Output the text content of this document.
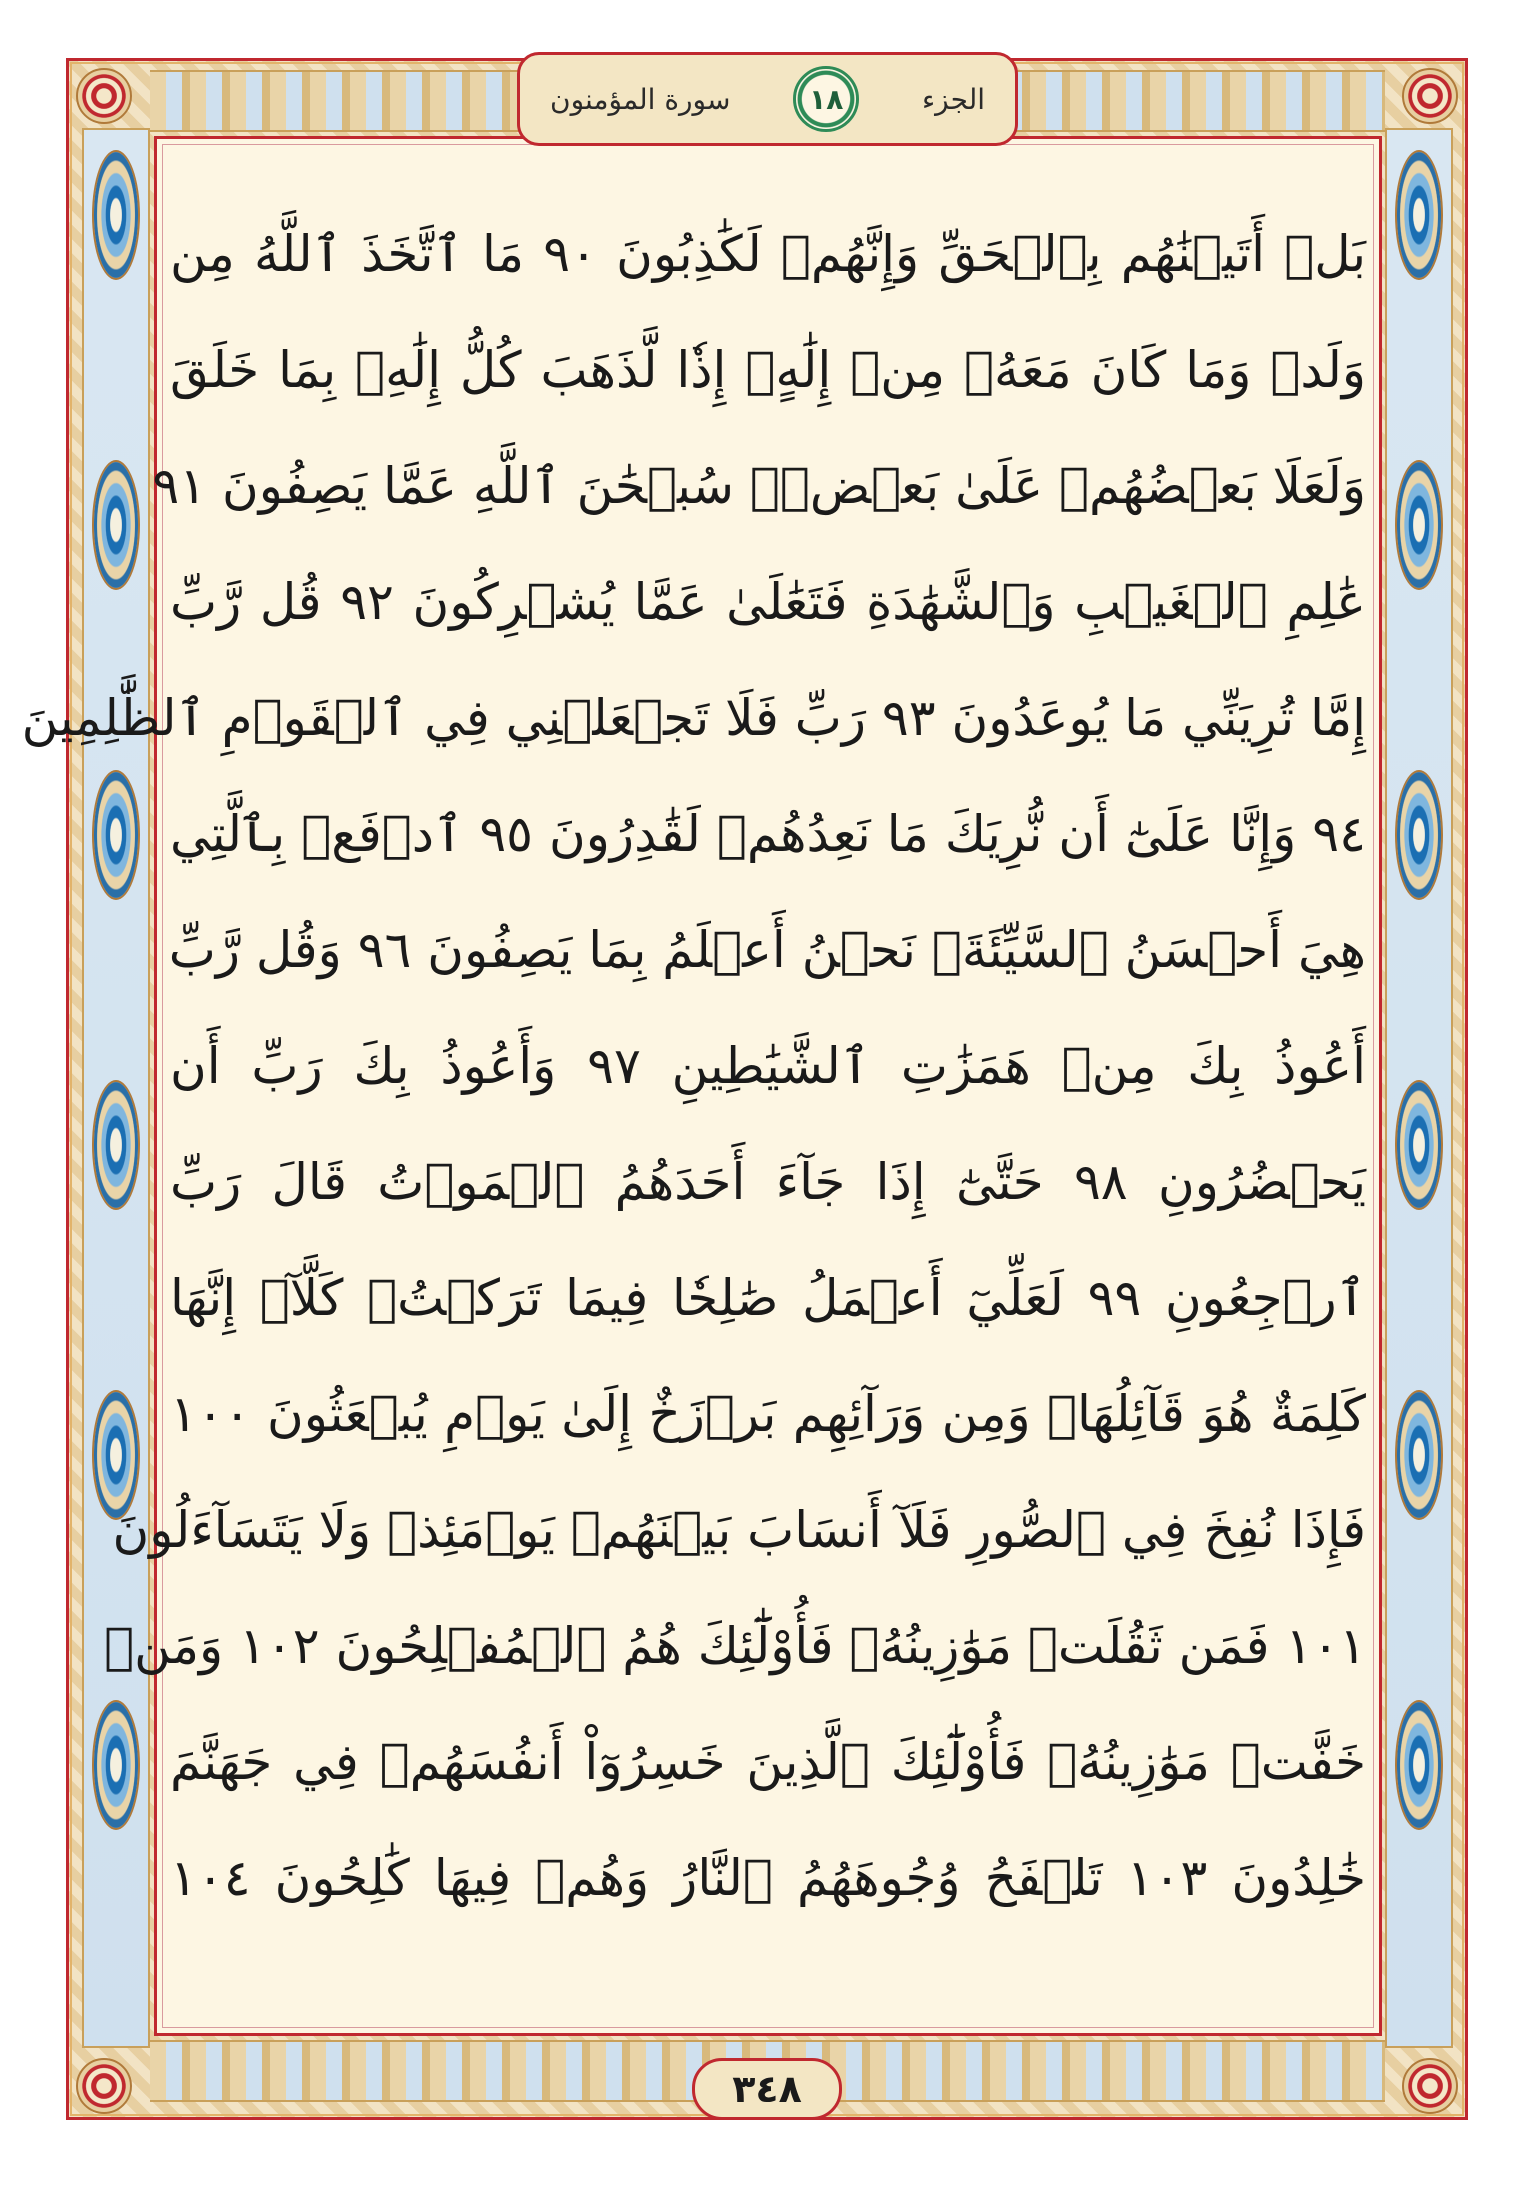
سورة المؤمنون	١٨	الجزء
بَلۡ أَتَيۡنَٰهُم بِٱلۡحَقِّ وَإِنَّهُمۡ لَكَٰذِبُونَ ٩٠ مَا ٱتَّخَذَ ٱللَّهُ مِن
وَلَدٖ وَمَا كَانَ مَعَهُۥ مِنۡ إِلَٰهٍۚ إِذٗا لَّذَهَبَ كُلُّ إِلَٰهِۭ بِمَا خَلَقَ
وَلَعَلَا بَعۡضُهُمۡ عَلَىٰ بَعۡضٖۚ سُبۡحَٰنَ ٱللَّهِ عَمَّا يَصِفُونَ ٩١
عَٰلِمِ ٱلۡغَيۡبِ وَٱلشَّهَٰدَةِ فَتَعَٰلَىٰ عَمَّا يُشۡرِكُونَ ٩٢ قُل رَّبِّ
إِمَّا تُرِيَنِّي مَا يُوعَدُونَ ٩٣ رَبِّ فَلَا تَجۡعَلۡنِي فِي ٱلۡقَوۡمِ ٱلظَّٰلِمِينَ
٩٤ وَإِنَّا عَلَىٰٓ أَن نُّرِيَكَ مَا نَعِدُهُمۡ لَقَٰدِرُونَ ٩٥ ٱدۡفَعۡ بِٱلَّتِي
هِيَ أَحۡسَنُ ٱلسَّيِّئَةَۚ نَحۡنُ أَعۡلَمُ بِمَا يَصِفُونَ ٩٦ وَقُل رَّبِّ
أَعُوذُ بِكَ مِنۡ هَمَزَٰتِ ٱلشَّيَٰطِينِ ٩٧ وَأَعُوذُ بِكَ رَبِّ أَن
يَحۡضُرُونِ ٩٨ حَتَّىٰٓ إِذَا جَآءَ أَحَدَهُمُ ٱلۡمَوۡتُ قَالَ رَبِّ
ٱرۡجِعُونِ ٩٩ لَعَلِّيٓ أَعۡمَلُ صَٰلِحٗا فِيمَا تَرَكۡتُۚ كَلَّآۚ إِنَّهَا
كَلِمَةٌ هُوَ قَآئِلُهَاۖ وَمِن وَرَآئِهِم بَرۡزَخٌ إِلَىٰ يَوۡمِ يُبۡعَثُونَ ١٠٠
فَإِذَا نُفِخَ فِي ٱلصُّورِ فَلَآ أَنسَابَ بَيۡنَهُمۡ يَوۡمَئِذٖ وَلَا يَتَسَآءَلُونَ
١٠١ فَمَن ثَقُلَتۡ مَوَٰزِينُهُۥ فَأُوْلَٰٓئِكَ هُمُ ٱلۡمُفۡلِحُونَ ١٠٢ وَمَنۡ
خَفَّتۡ مَوَٰزِينُهُۥ فَأُوْلَٰٓئِكَ ٱلَّذِينَ خَسِرُوٓاْ أَنفُسَهُمۡ فِي جَهَنَّمَ
خَٰلِدُونَ ١٠٣ تَلۡفَحُ وُجُوهَهُمُ ٱلنَّارُ وَهُمۡ فِيهَا كَٰلِحُونَ ١٠٤
٣٤٨
